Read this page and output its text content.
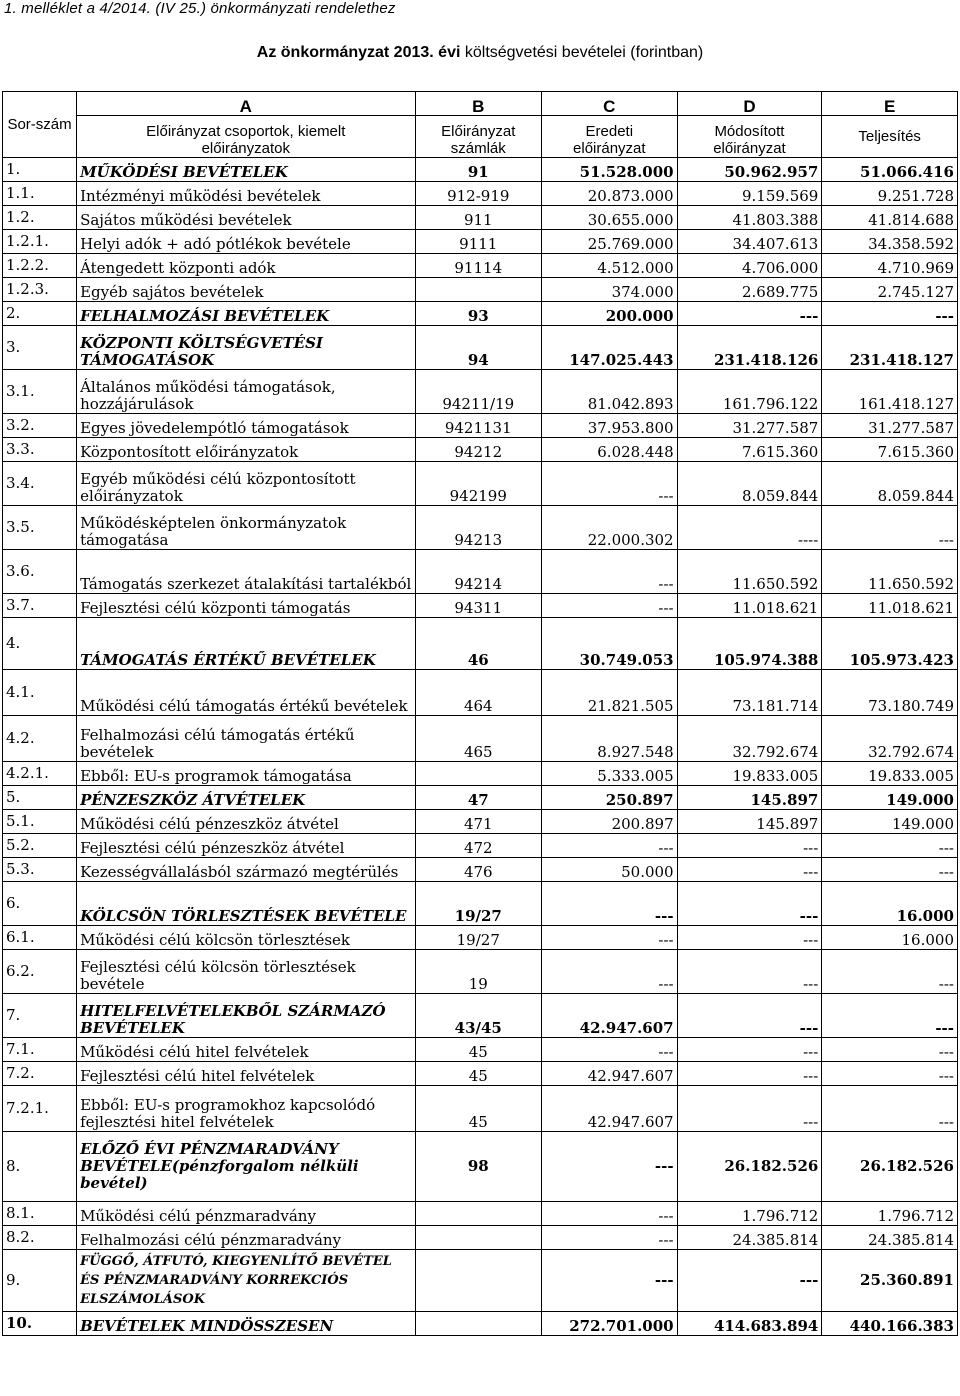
1. melléklet a 4/2014. (IV 25.) önkormányzati rendelethez
Az önkormányzat 2013. évi költségvetési bevételei (forintban)
Sor-szám	A	B	C	D	E
	Előirányzat csoportok, kiemelt előirányzatok	Előirányzat számlák	Eredeti előirányzat	Módosított előirányzat	Teljesítés
1.	MŰKÖDÉSI BEVÉTELEK	91	51.528.000	50.962.957	51.066.416
1.1.	Intézményi működési bevételek	912-919	20.873.000	9.159.569	9.251.728
1.2.	Sajátos működési bevételek	911	30.655.000	41.803.388	41.814.688
1.2.1.	Helyi adók + adó pótlékok bevétele	9111	25.769.000	34.407.613	34.358.592
1.2.2.	Átengedett központi adók	91114	4.512.000	4.706.000	4.710.969
1.2.3.	Egyéb sajátos bevételek		374.000	2.689.775	2.745.127
2.	FELHALMOZÁSI BEVÉTELEK	93	200.000	---	---
3.	KÖZPONTI KÖLTSÉGVETÉSI TÁMOGATÁSOK	94	147.025.443	231.418.126	231.418.127
3.1.	Általános működési támogatások, hozzájárulások	94211/19	81.042.893	161.796.122	161.418.127
3.2.	Egyes jövedelempótló támogatások	9421131	37.953.800	31.277.587	31.277.587
3.3.	Központosított előirányzatok	94212	6.028.448	7.615.360	7.615.360
3.4.	Egyéb működési célú központosított előirányzatok	942199	---	8.059.844	8.059.844
3.5.	Működésképtelen önkormányzatok támogatása	94213	22.000.302	----	---
3.6.	Támogatás szerkezet átalakítási tartalékból	94214	---	11.650.592	11.650.592
3.7.	Fejlesztési célú központi támogatás	94311	---	11.018.621	11.018.621
4.	TÁMOGATÁS ÉRTÉKŰ BEVÉTELEK	46	30.749.053	105.974.388	105.973.423
4.1.	Működési célú támogatás értékű bevételek	464	21.821.505	73.181.714	73.180.749
4.2.	Felhalmozási célú támogatás értékű bevételek	465	8.927.548	32.792.674	32.792.674
4.2.1.	Ebből: EU-s programok támogatása		5.333.005	19.833.005	19.833.005
5.	PÉNZESZKÖZ ÁTVÉTELEK	47	250.897	145.897	149.000
5.1.	Működési célú pénzeszköz átvétel	471	200.897	145.897	149.000
5.2.	Fejlesztési célú pénzeszköz átvétel	472	---	---	---
5.3.	Kezességvállalásból származó megtérülés	476	50.000	---	---
6.	KÖLCSÖN TÖRLESZTÉSEK BEVÉTELE	19/27	---	---	16.000
6.1.	Működési célú kölcsön törlesztések	19/27	---	---	16.000
6.2.	Fejlesztési célú kölcsön törlesztések bevétele	19	---	---	---
7.	HITELFELVÉTELEKBŐL SZÁRMAZÓ BEVÉTELEK	43/45	42.947.607	---	---
7.1.	Működési célú hitel felvételek	45	---	---	---
7.2.	Fejlesztési célú hitel felvételek	45	42.947.607	---	---
7.2.1.	Ebből: EU-s programokhoz kapcsolódó fejlesztési hitel felvételek	45	42.947.607	---	---
8.	ELŐZŐ ÉVI PÉNZMARADVÁNY BEVÉTELE(pénzforgalom nélküli bevétel)	98	---	26.182.526	26.182.526
8.1.	Működési célú pénzmaradvány		---	1.796.712	1.796.712
8.2.	Felhalmozási célú pénzmaradvány		---	24.385.814	24.385.814
9.	FÜGGŐ, ÁTFUTÓ, KIEGYENLÍTŐ BEVÉTEL ÉS PÉNZMARADVÁNY KORREKCIÓS ELSZÁMOLÁSOK		---	---	25.360.891
10.	BEVÉTELEK MINDÖSSZESEN		272.701.000	414.683.894	440.166.383
